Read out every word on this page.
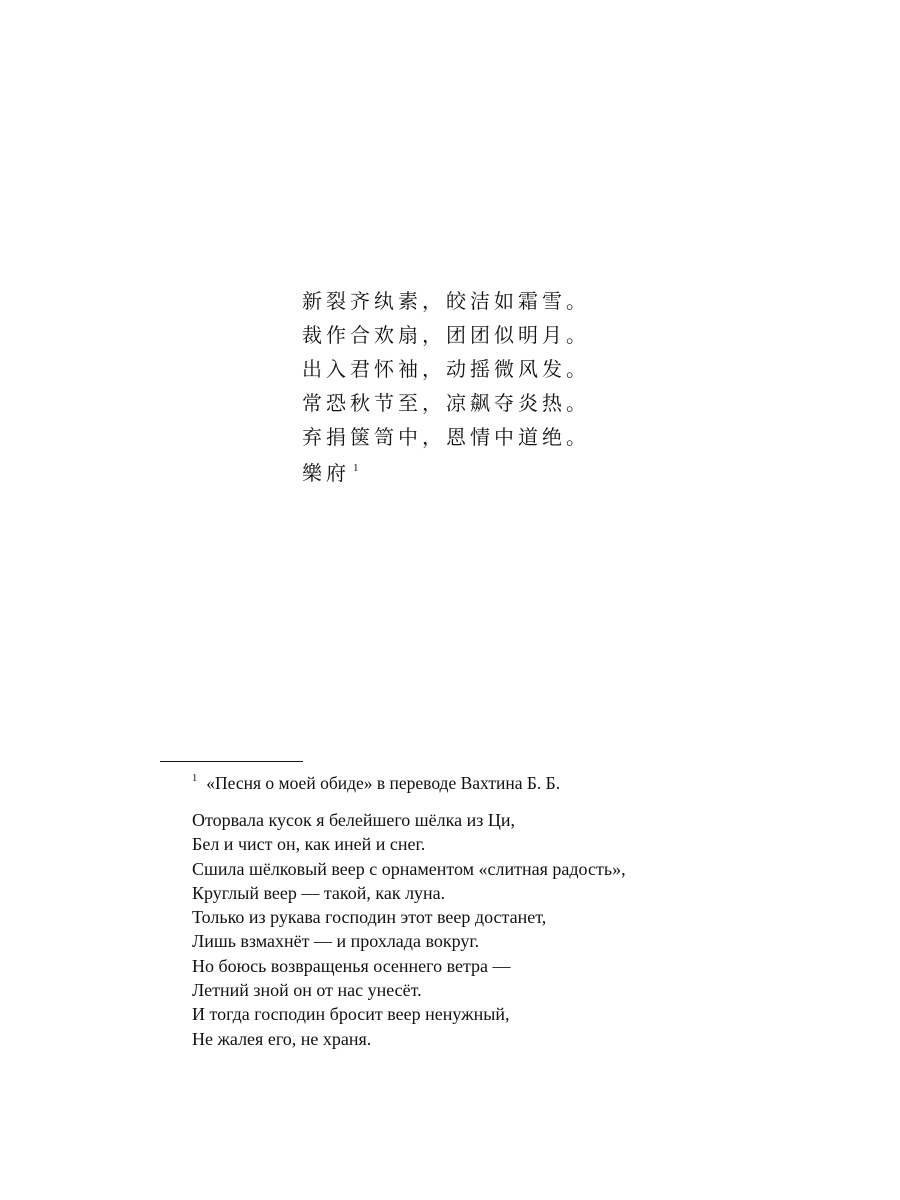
新裂齐纨素，皎洁如霜雪。
裁作合欢扇，团团似明月。
出入君怀袖，动摇微风发。
常恐秋节至，凉飙夺炎热。
弃捐箧笥中，恩情中道绝。
樂府 $^1$
$^1$ «Песня о моей обиде» в переводе Вахтина Б. Б.
Оторвала кусок я белейшего шёлка из Ци,
Бел и чист он, как иней и снег.
Сшила шёлковый веер с орнаментом «слитная радость»,
Круглый веер — такой, как луна.
Только из рукава господин этот веер достанет,
Лишь взмахнёт — и прохлада вокруг.
Но боюсь возвращенья осеннего ветра —
Летний зной он от нас унесёт.
И тогда господин бросит веер ненужный,
Не жалея его, не храня.
